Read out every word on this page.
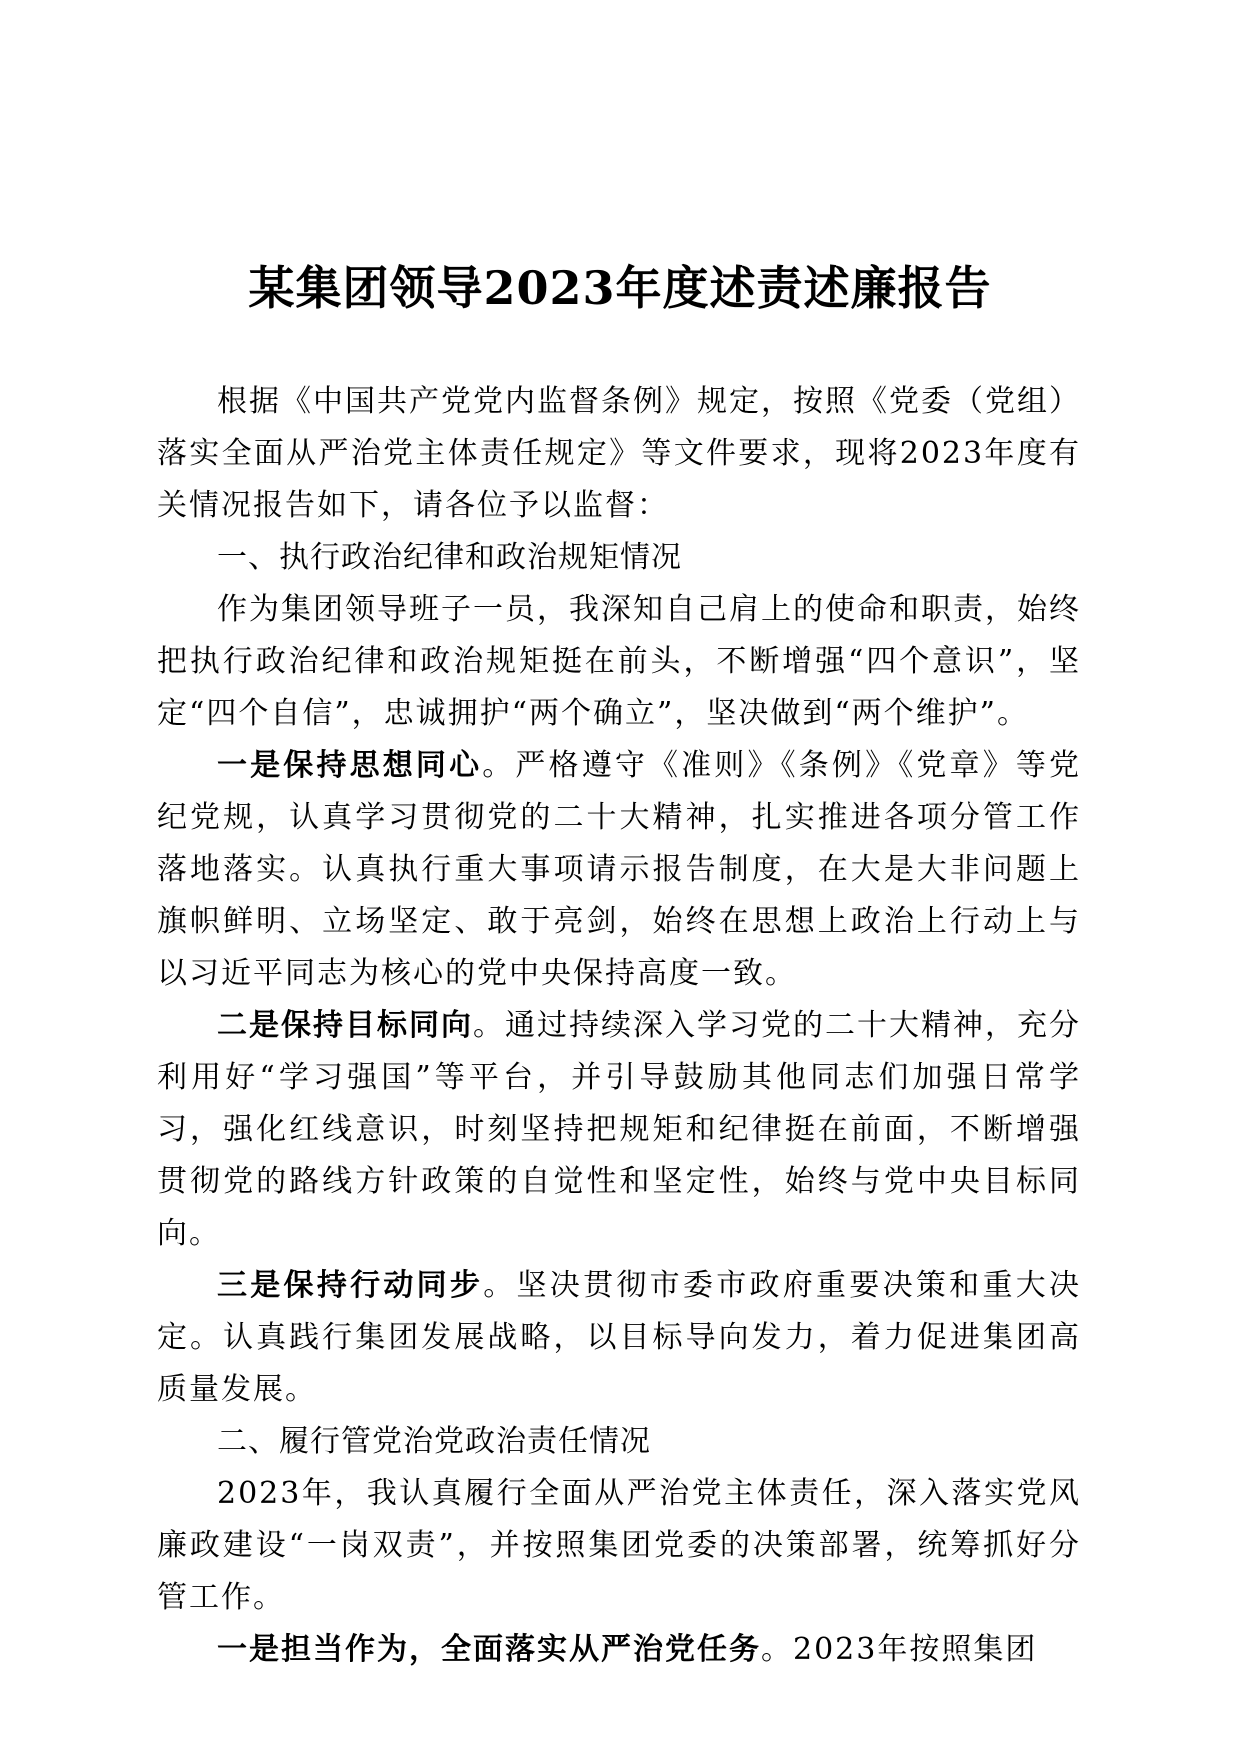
某集团领导2023年度述责述廉报告

根据《中国共产党党内监督条例》规定，按照《党委（党组）落实全面从严治党主体责任规定》等文件要求，现将2023年度有关情况报告如下，请各位予以监督：

一、执行政治纪律和政治规矩情况

作为集团领导班子一员，我深知自己肩上的使命和职责，始终把执行政治纪律和政治规矩挺在前头，不断增强“四个意识”，坚定“四个自信”，忠诚拥护“两个确立”，坚决做到“两个维护”。

一是保持思想同心。严格遵守《准则》《条例》《党章》等党纪党规，认真学习贯彻党的二十大精神，扎实推进各项分管工作落地落实。认真执行重大事项请示报告制度，在大是大非问题上旗帜鲜明、立场坚定、敢于亮剑，始终在思想上政治上行动上与以习近平同志为核心的党中央保持高度一致。

二是保持目标同向。通过持续深入学习党的二十大精神，充分利用好“学习强国”等平台，并引导鼓励其他同志们加强日常学习，强化红线意识，时刻坚持把规矩和纪律挺在前面，不断增强贯彻党的路线方针政策的自觉性和坚定性，始终与党中央目标同向。

三是保持行动同步。坚决贯彻市委市政府重要决策和重大决定。认真践行集团发展战略，以目标导向发力，着力促进集团高质量发展。

二、履行管党治党政治责任情况

2023年，我认真履行全面从严治党主体责任，深入落实党风廉政建设“一岗双责”，并按照集团党委的决策部署，统筹抓好分管工作。

一是担当作为，全面落实从严治党任务。2023年按照集团
